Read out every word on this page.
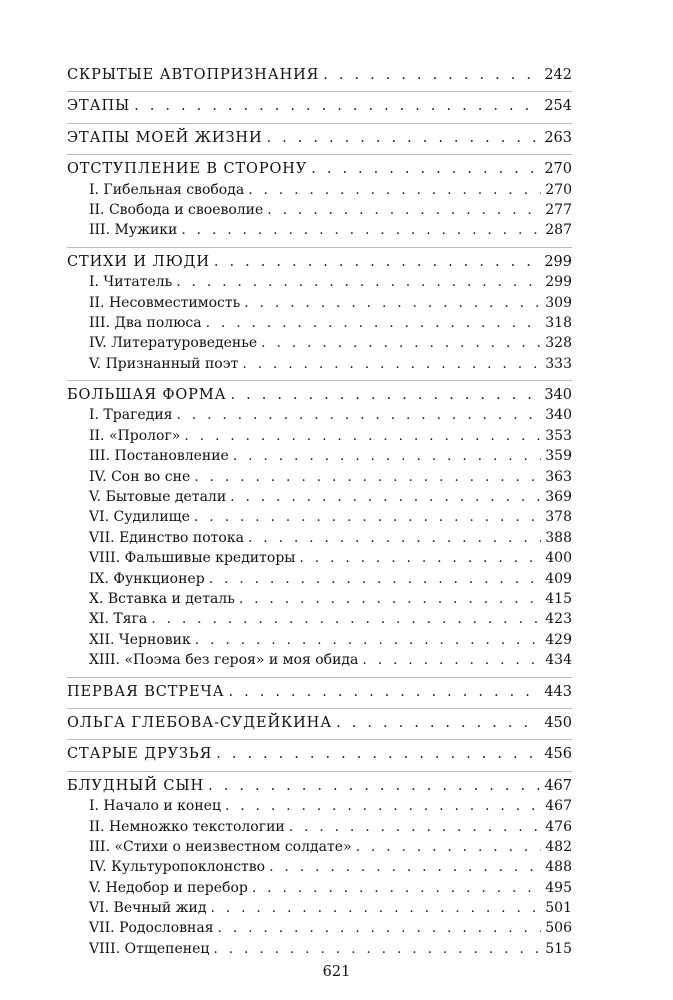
СКРЫТЫЕ АВТОПРИЗНАНИЯ . . .	242
ЭТАПЫ . . .	254
ЭТАПЫ МОЕЙ ЖИЗНИ . . .	263
ОТСТУПЛЕНИЕ В СТОРОНУ . . .	270
I. Гибельная свобода . . .	270
II. Свобода и своеволие . . .	277
III. Мужики . . .	287
СТИХИ И ЛЮДИ . . .	299
I. Читатель . . .	299
II. Несовместимость . . .	309
III. Два полюса . . .	318
IV. Литературоведенье . . .	328
V. Признанный поэт . . .	333
БОЛЬШАЯ ФОРМА . . .	340
I. Трагедия . . .	340
II. «Пролог» . . .	353
III. Постановление . . .	359
IV. Сон во сне . . .	363
V. Бытовые детали . . .	369
VI. Судилище . . .	378
VII. Единство потока . . .	388
VIII. Фальшивые кредиторы . . .	400
IX. Функционер . . .	409
X. Вставка и деталь . . .	415
XI. Тяга . . .	423
XII. Черновик . . .	429
XIII. «Поэма без героя» и моя обида . . .	434
ПЕРВАЯ ВСТРЕЧА . . .	443
ОЛЬГА ГЛЕБОВА-СУДЕЙКИНА . . .	450
СТАРЫЕ ДРУЗЬЯ . . .	456
БЛУДНЫЙ СЫН . . .	467
I. Начало и конец . . .	467
II. Немножко текстологии . . .	476
III. «Стихи о неизвестном солдате» . . .	482
IV. Культуропоклонство . . .	488
V. Недобор и перебор . . .	495
VI. Вечный жид . . .	501
VII. Родословная . . .	506
VIII. Отщепенец . . .	515
621
